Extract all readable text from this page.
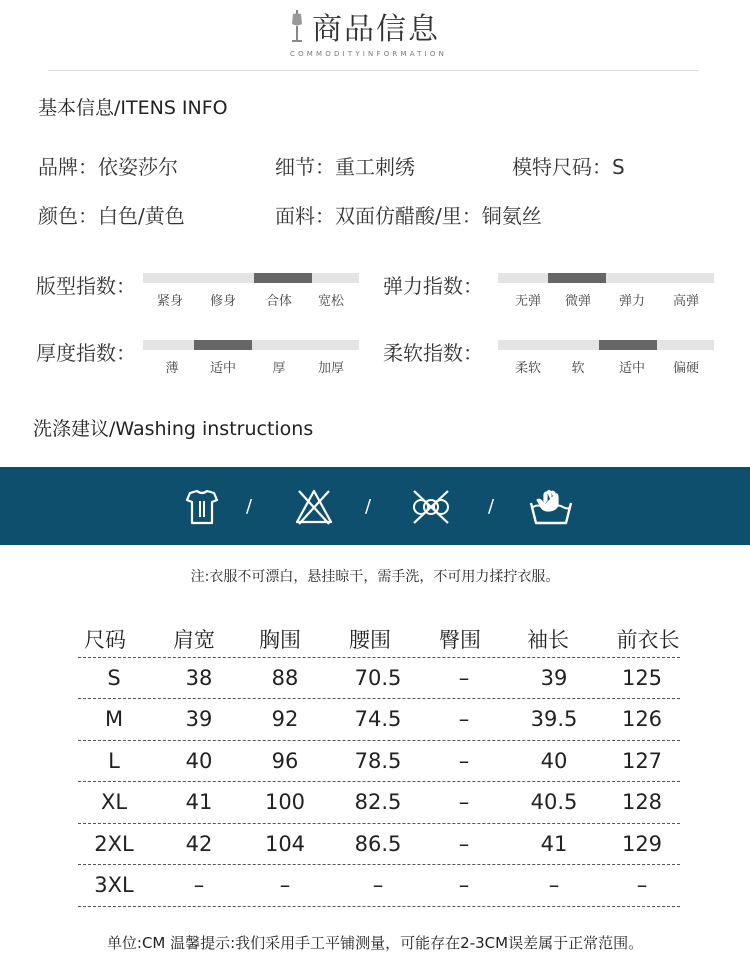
商品信息
COMMODITYINFORMATION
基本信息/ITENS INFO
品牌：依姿莎尔	细节：重工刺绣	模特尺码：S
颜色：白色/黄色	面料：双面仿醋酸/里：铜氨丝
版型指数：
紧身	修身	合体	宽松
弹力指数：
无弹	微弹	弹力	高弹
厚度指数：
薄	适中	厚	加厚
柔软指数：
柔软	软	适中	偏硬
洗涤建议/Washing instructions
/	/	/
注:衣服不可漂白，悬挂晾干，需手洗，不可用力揉拧衣服。
尺码	肩宽	胸围	腰围	臀围	袖长	前衣长
S	38	88	70.5	–	39	125
M	39	92	74.5	–	39.5	126
L	40	96	78.5	–	40	127
XL	41	100	82.5	–	40.5	128
2XL	42	104	86.5	–	41	129
3XL	–	–	–	–	–	–
单位:CM 温馨提示:我们采用手工平铺测量，可能存在2-3CM误差属于正常范围。
